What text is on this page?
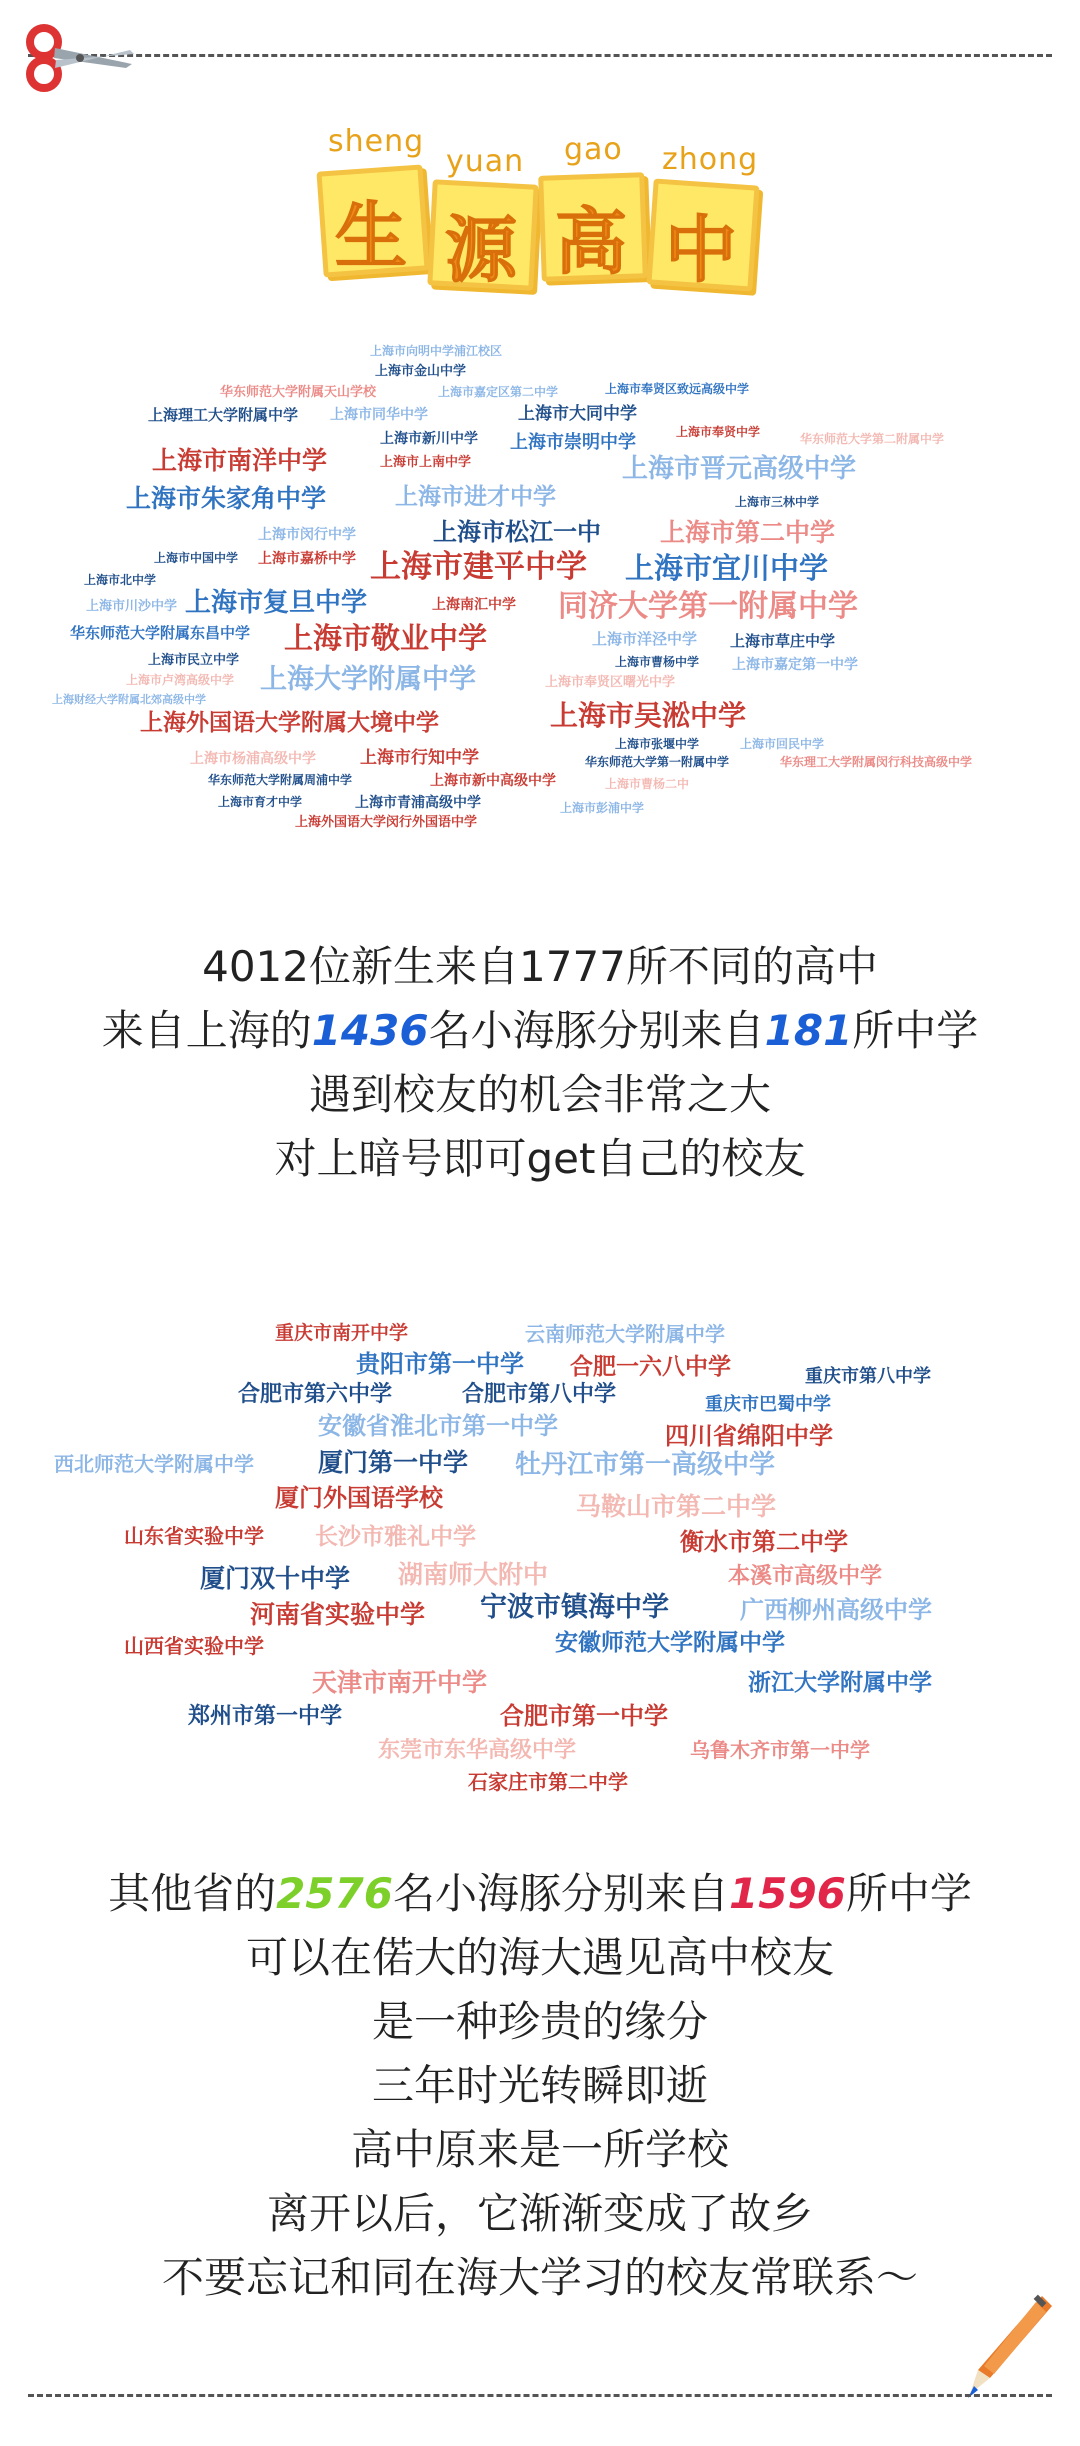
sheng
yuan gao zhong
生 源 高 中
上海市向明中学浦江校区
上海市金山中学
华东师范大学附属天山学校	上海市嘉定区第二中学	上海市奉贤区致远高级中学
上海理工大学附属中学 上海市同华中学	上海市大同中学
上海市奉贤中学	华东师范大学第二附属中学
上海市南洋中学
上海市新川中学 上海市崇明中学
上海市上南中学	上海市晋元高级中学
上海市朱家角中学	上海市进才中学	上海市三林中学
上海市闵行中学	上海市松江一中 上海市第二中学
上海市中国中学 上海市嘉桥中学 上海市建平中学 上海市宜川中学
上海市北中学
上海市川沙中学 上海市复旦中学	上海南汇中学 同济大学第一附属中学
华东师范大学附属东昌中学 上海市敬业中学	上海市洋泾中学 上海市草庄中学
上海市民立中学	上海市曹杨中学 上海市嘉定第一中学
上海市卢湾高级中学 上海大学附属中学	上海市奉贤区曙光中学
上海财经大学附属北郊高级中学
上海外国语大学附属大境中学	上海市吴淞中学
上海市张堰中学	上海市回民中学
上海市杨浦高级中学	上海市行知中学	华东师范大学第一附属中学	华东理工大学附属闵行科技高级中学
华东师范大学附属周浦中学	上海市新中高级中学	上海市曹杨二中
上海市育才中学	上海市青浦高级中学	上海市彭浦中学
上海外国语大学闵行外国语中学
4012位新生来自1777所不同的高中
来自上海的1436名小海豚分别来自181所中学
遇到校友的机会非常之大
对上暗号即可get自己的校友
重庆市南开中学	云南师范大学附属中学
贵阳市第一中学 合肥一六八中学	重庆市第八中学
合肥市第六中学	合肥市第八中学	重庆市巴蜀中学
安徽省淮北市第一中学	四川省绵阳中学
西北师范大学附属中学	厦门第一中学 牡丹江市第一高级中学
厦门外国语学校	马鞍山市第二中学
山东省实验中学 长沙市雅礼中学	衡水市第二中学
厦门双十中学 湖南师大附中	本溪市高级中学
河南省实验中学 宁波市镇海中学	广西柳州高级中学
山西省实验中学	安徽师范大学附属中学
天津市南开中学	浙江大学附属中学
郑州市第一中学	合肥市第一中学
东莞市东华高级中学	乌鲁木齐市第一中学
石家庄市第二中学
其他省的2576名小海豚分别来自1596所中学
可以在偌大的海大遇见高中校友
是一种珍贵的缘分
三年时光转瞬即逝
高中原来是一所学校
离开以后，它渐渐变成了故乡
不要忘记和同在海大学习的校友常联系～
